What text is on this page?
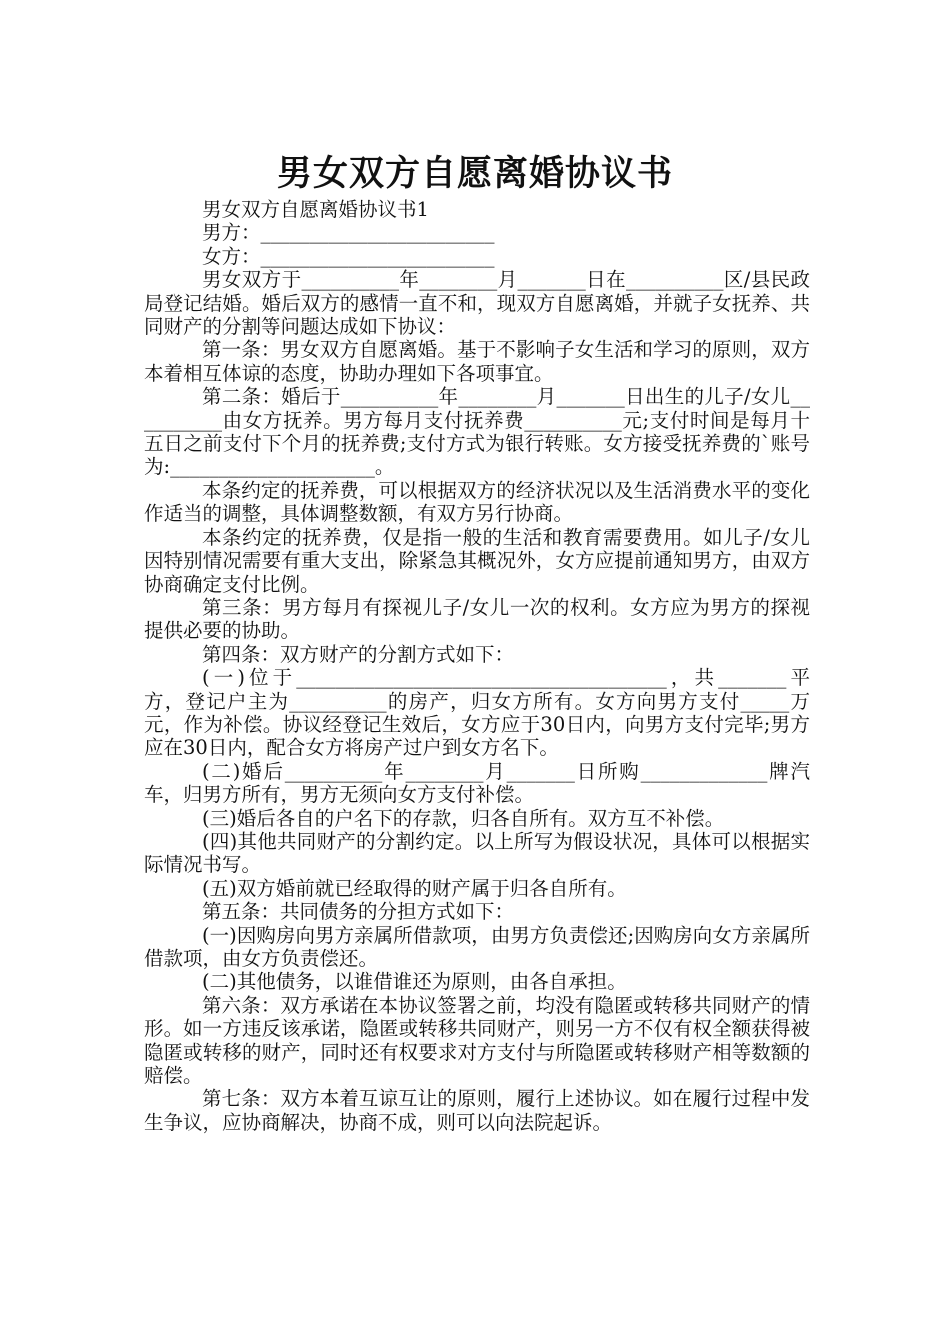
男女双方自愿离婚协议书

男女双方自愿离婚协议书1

男方：________________________

女方：________________________

男女双方于__________年________月_______日在__________区/县民政局登记结婚。婚后双方的感情一直不和，现双方自愿离婚，并就子女抚养、共同财产的分割等问题达成如下协议：

第一条：男女双方自愿离婚。基于不影响子女生活和学习的原则，双方本着相互体谅的态度，协助办理如下各项事宜。

第二条：婚后于__________年________月_______日出生的儿子/女儿__________由女方抚养。男方每月支付抚养费__________元;支付时间是每月十五日之前支付下个月的抚养费;支付方式为银行转账。女方接受抚养费的`账号为:_____________________。

本条约定的抚养费，可以根据双方的经济状况以及生活消费水平的变化作适当的调整，具体调整数额，有双方另行协商。

本条约定的抚养费，仅是指一般的生活和教育需要费用。如儿子/女儿因特别情况需要有重大支出，除紧急其概况外，女方应提前通知男方，由双方协商确定支付比例。

第三条：男方每月有探视儿子/女儿一次的权利。女方应为男方的探视提供必要的协助。

第四条：双方财产的分割方式如下：

(一)位于______________________________________，共_______平方，登记户主为__________的房产，归女方所有。女方向男方支付_____万元，作为补偿。协议经登记生效后，女方应于30日内，向男方支付完毕;男方应在30日内，配合女方将房产过户到女方名下。

(二)婚后__________年________月_______日所购_____________牌汽车，归男方所有，男方无须向女方支付补偿。

(三)婚后各自的户名下的存款，归各自所有。双方互不补偿。

(四)其他共同财产的分割约定。以上所写为假设状况，具体可以根据实际情况书写。

(五)双方婚前就已经取得的财产属于归各自所有。

第五条：共同债务的分担方式如下：

(一)因购房向男方亲属所借款项，由男方负责偿还;因购房向女方亲属所借款项，由女方负责偿还。

(二)其他债务，以谁借谁还为原则，由各自承担。

第六条：双方承诺在本协议签署之前，均没有隐匿或转移共同财产的情形。如一方违反该承诺，隐匿或转移共同财产，则另一方不仅有权全额获得被隐匿或转移的财产，同时还有权要求对方支付与所隐匿或转移财产相等数额的赔偿。

第七条：双方本着互谅互让的原则，履行上述协议。如在履行过程中发生争议，应协商解决，协商不成，则可以向法院起诉。
